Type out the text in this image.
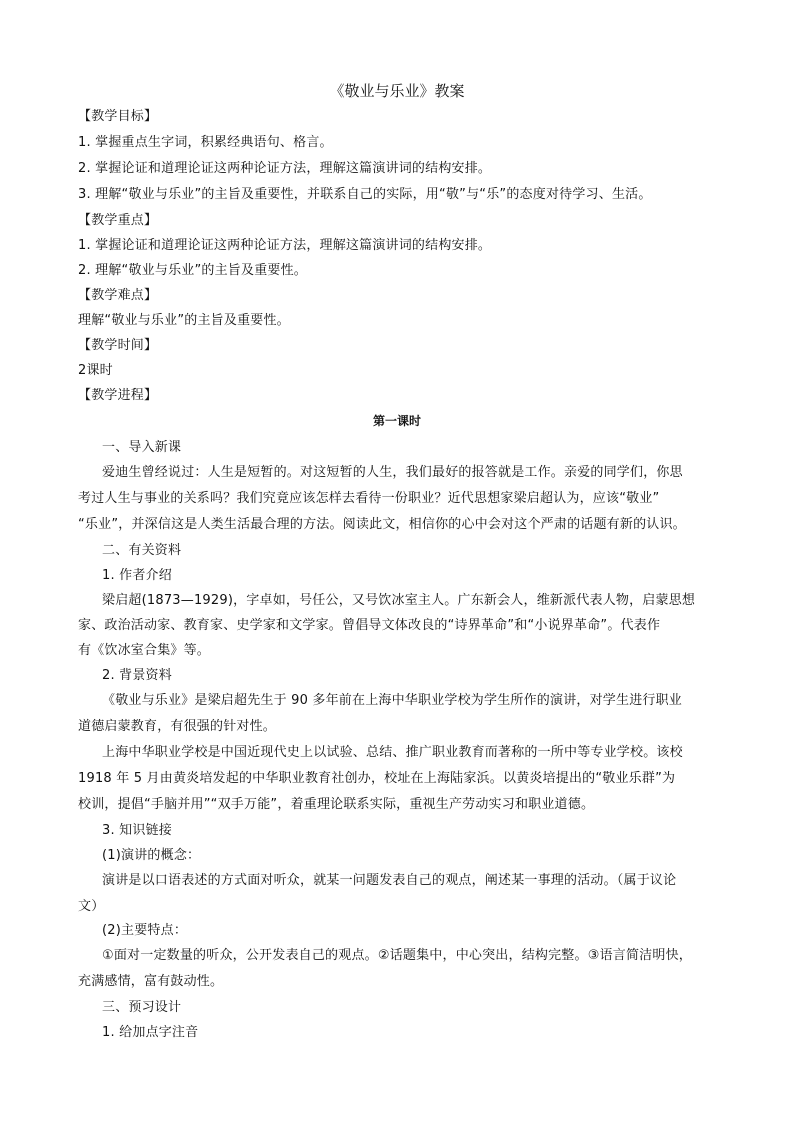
《敬业与乐业》教案
【教学目标】
1. 掌握重点生字词，积累经典语句、格言。
2. 掌握论证和道理论证这两种论证方法，理解这篇演讲词的结构安排。
3. 理解“敬业与乐业”的主旨及重要性，并联系自己的实际，用“敬”与“乐”的态度对待学习、生活。
【教学重点】
1. 掌握论证和道理论证这两种论证方法，理解这篇演讲词的结构安排。
2. 理解“敬业与乐业”的主旨及重要性。
【教学难点】
理解“敬业与乐业”的主旨及重要性。
【教学时间】
2课时
【教学进程】
第一课时
一、导入新课
爱迪生曾经说过：人生是短暂的。对这短暂的人生，我们最好的报答就是工作。亲爱的同学们，你思
考过人生与事业的关系吗？我们究竟应该怎样去看待一份职业？近代思想家梁启超认为，应该“敬业”
“乐业”，并深信这是人类生活最合理的方法。阅读此文，相信你的心中会对这个严肃的话题有新的认识。
二、有关资料
1. 作者介绍
梁启超(1873—1929)，字卓如，号任公，又号饮冰室主人。广东新会人，维新派代表人物，启蒙思想
家、政治活动家、教育家、史学家和文学家。曾倡导文体改良的“诗界革命”和“小说界革命”。代表作
有《饮冰室合集》等。
2. 背景资料
《敬业与乐业》是梁启超先生于 90 多年前在上海中华职业学校为学生所作的演讲，对学生进行职业
道德启蒙教育，有很强的针对性。
上海中华职业学校是中国近现代史上以试验、总结、推广职业教育而著称的一所中等专业学校。该校
1918 年 5 月由黄炎培发起的中华职业教育社创办，校址在上海陆家浜。以黄炎培提出的“敬业乐群”为
校训，提倡“手脑并用”“双手万能”，着重理论联系实际，重视生产劳动实习和职业道德。
3. 知识链接
(1)演讲的概念：
演讲是以口语表述的方式面对听众，就某一问题发表自己的观点，阐述某一事理的活动。（属于议论
文）
(2)主要特点：
①面对一定数量的听众，公开发表自己的观点。②话题集中，中心突出，结构完整。③语言简洁明快，
充满感情，富有鼓动性。
三、预习设计
1. 给加点字注音
